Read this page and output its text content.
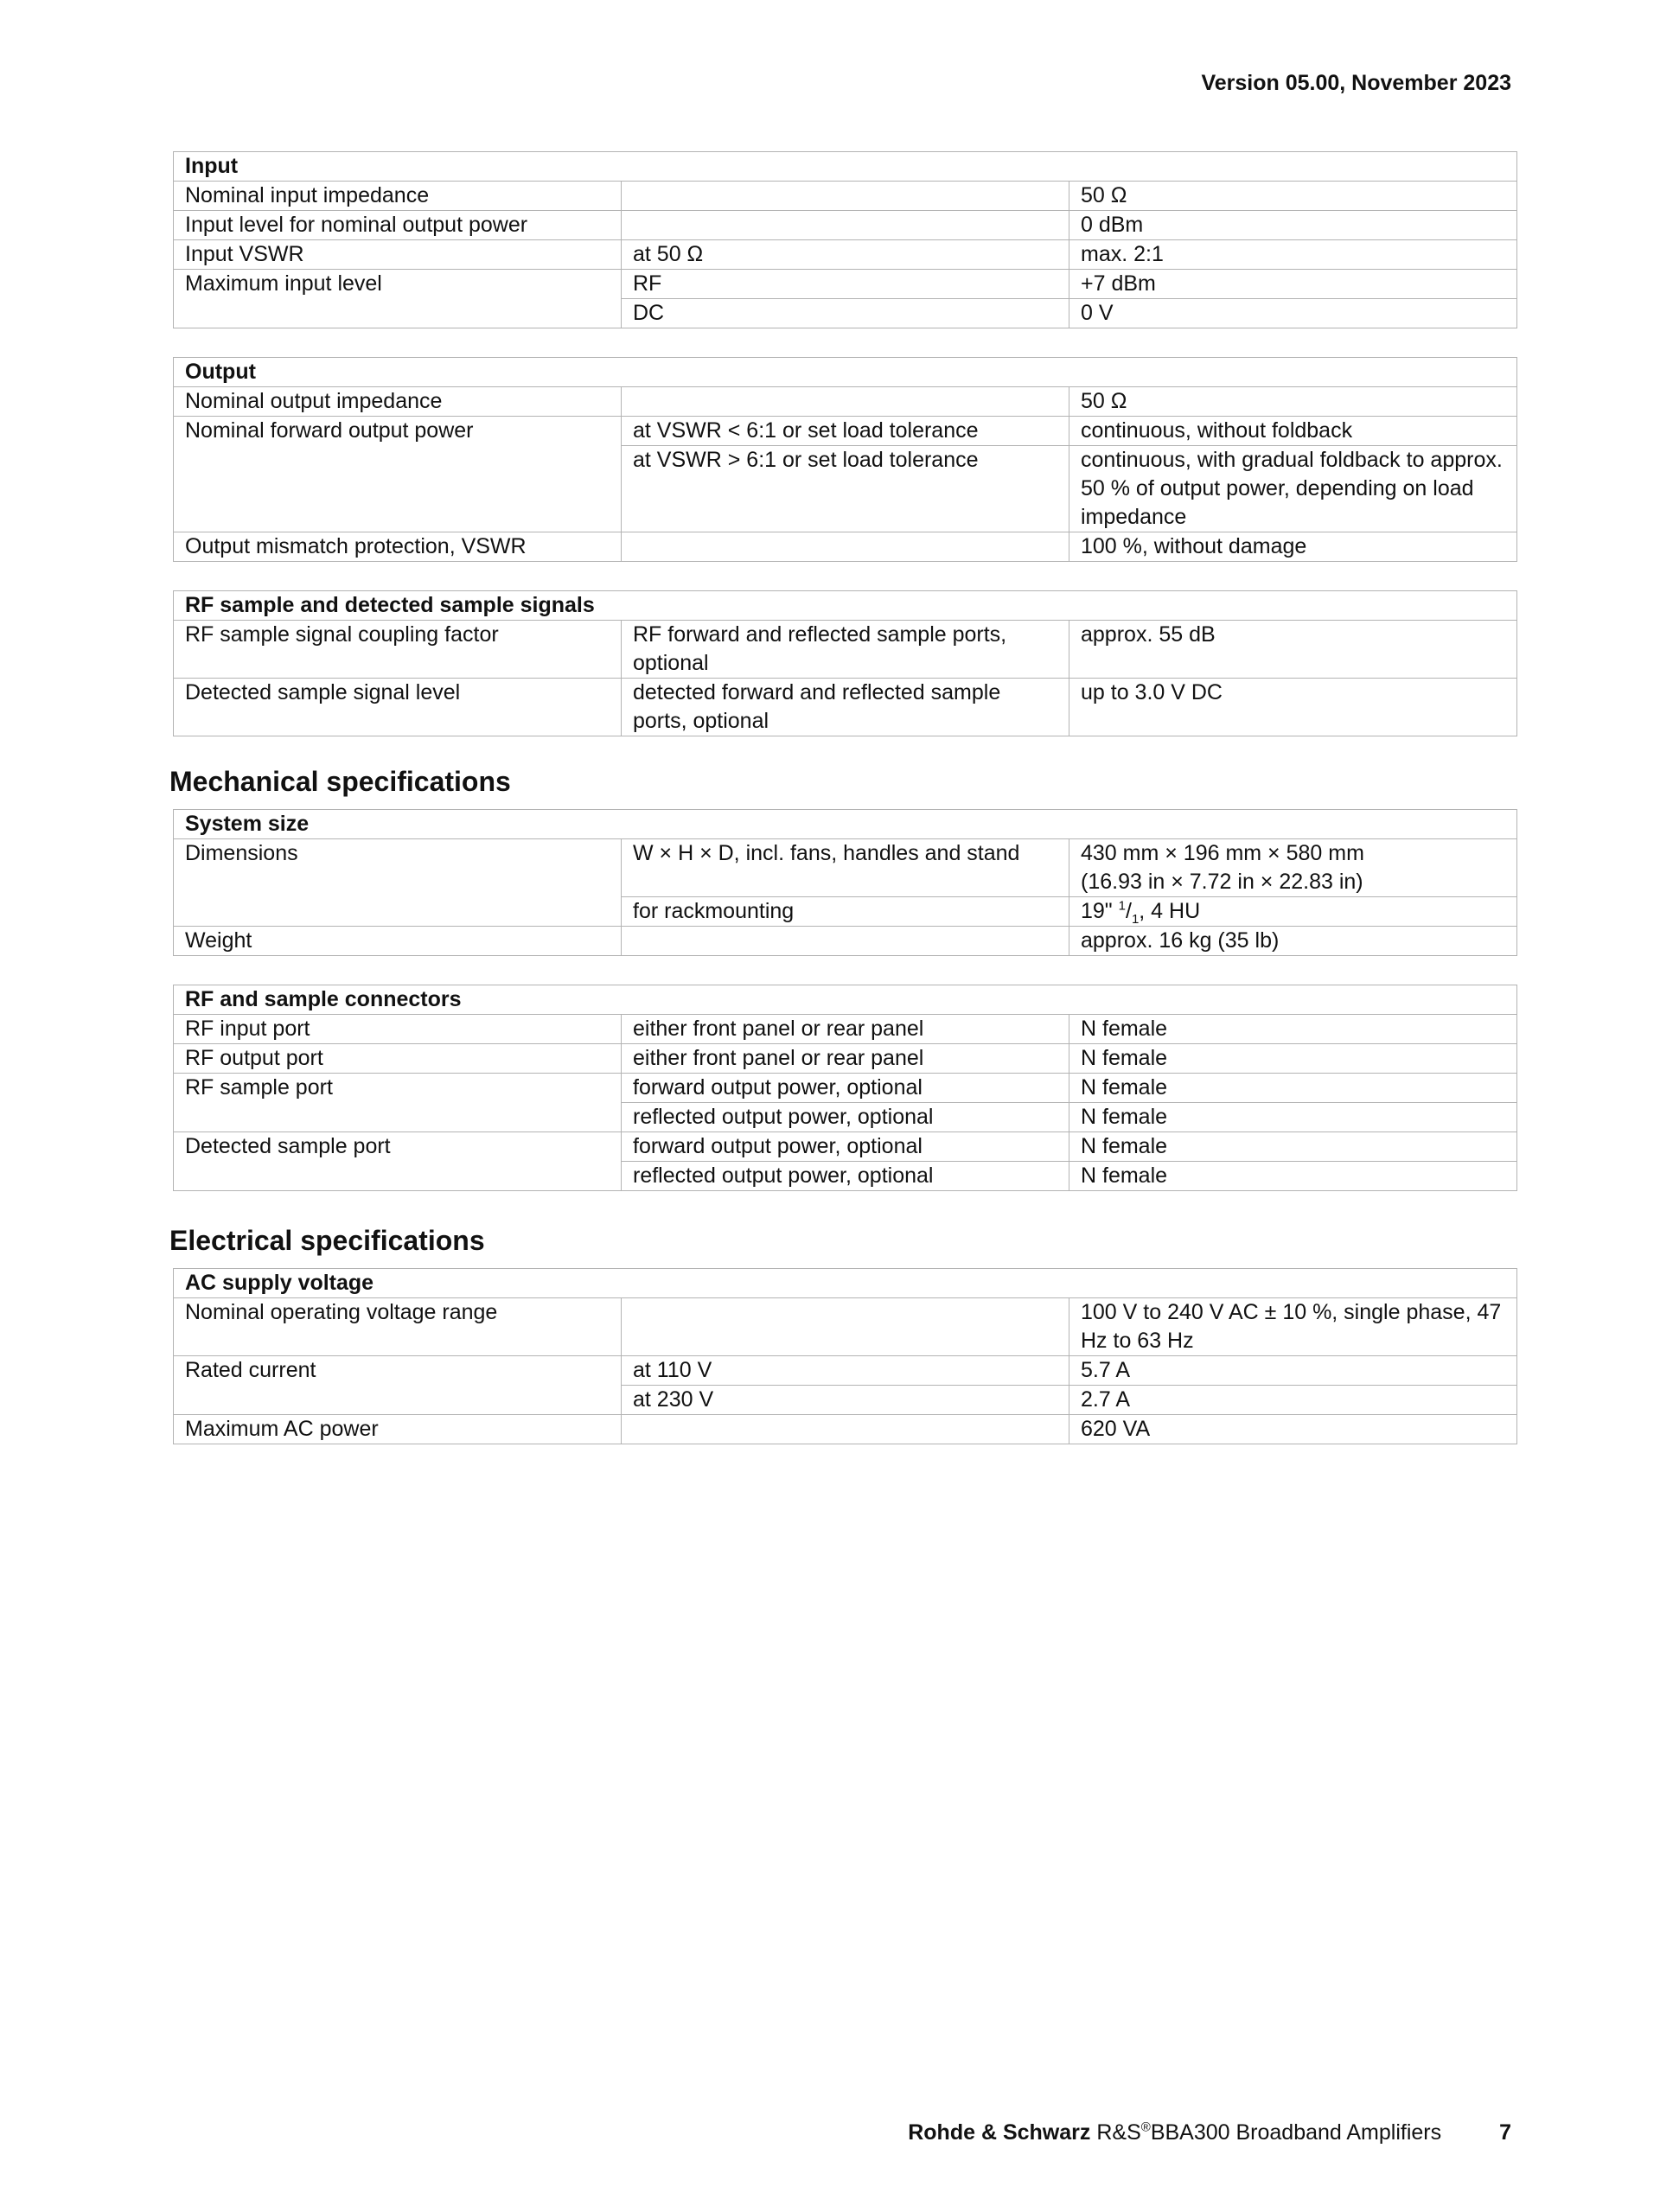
Version 05.00, November 2023
Input		
Nominal input impedance		50 Ω
Input level for nominal output power		0 dBm
Input VSWR	at 50 Ω	max. 2:1
Maximum input level	RF	+7 dBm
	DC	0 V
Output		
Nominal output impedance		50 Ω
Nominal forward output power	at VSWR < 6:1 or set load tolerance	continuous, without foldback
	at VSWR > 6:1 or set load tolerance	continuous, with gradual foldback to approx. 50 % of output power, depending on load impedance
Output mismatch protection, VSWR		100 %, without damage
RF sample and detected sample signals		
RF sample signal coupling factor	RF forward and reflected sample ports, optional	approx. 55 dB
Detected sample signal level	detected forward and reflected sample ports, optional	up to 3.0 V DC
Mechanical specifications
System size		
Dimensions	W × H × D, incl. fans, handles and stand	430 mm × 196 mm × 580 mm
(16.93 in × 7.72 in × 22.83 in)

	for rackmounting	19" $^1/_1$, 4 HU
Weight		approx. 16 kg (35 lb)
RF and sample connectors		
RF input port	either front panel or rear panel	N female
RF output port	either front panel or rear panel	N female
RF sample port	forward output power, optional	N female
	reflected output power, optional	N female
Detected sample port	forward output power, optional	N female
	reflected output power, optional	N female
Electrical specifications
AC supply voltage		
Nominal operating voltage range		100 V to 240 V AC ± 10 %, single phase, 47 Hz to 63 Hz
Rated current	at 110 V	5.7 A
	at 230 V	2.7 A
Maximum AC power		620 VA
Rohde & Schwarz R&S®BBA300 Broadband Amplifiers	7
